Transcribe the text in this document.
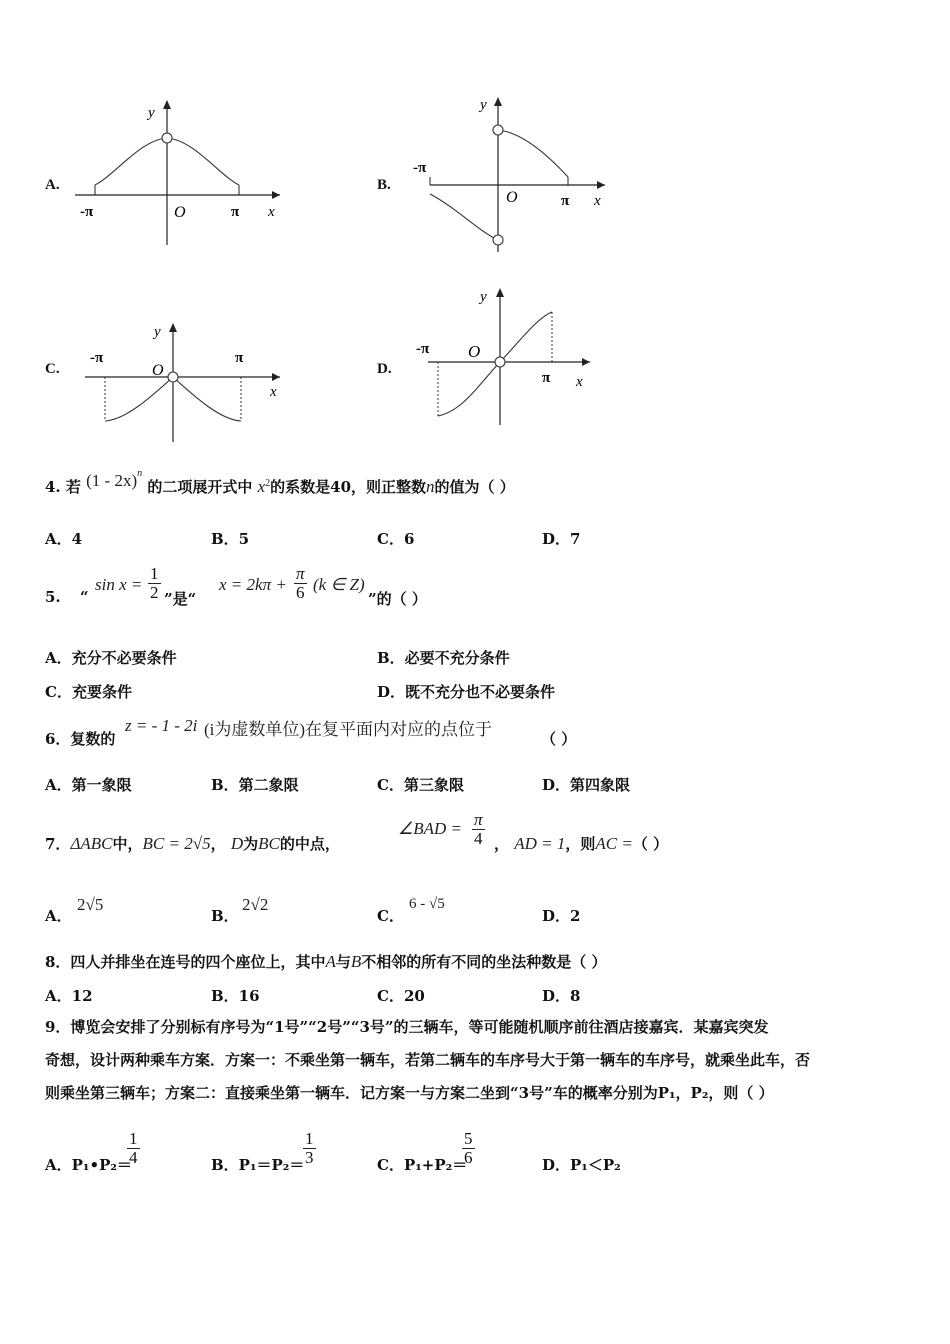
A.
-π	π
O	x
y
B.
-π
π
O	x
y
C.
-π	π
O
x
y
D.
-π
π
O
x
y
4. 若 (1 - 2x)$^n$ 的二项展开式中 $x^2$的系数是40，则正整数n的值为（ ）
A．4	B．5	C．6	D．7
5. “
$\sin x = \frac{1}{2}$ ”是“
$x = 2k\pi + \frac{\pi}{6} (k$ ∈ Z)
”的（ ）
A．充分不必要条件	B．必要不充分条件
C．充要条件	D．既不充分也不必要条件
6．复数的
z = - 1 - 2i (i为虚数单位)在复平面内对应的点位于	（ ）
A．第一象限	B．第二象限	C．第三象限	D．第四象限
7．ΔABC中，BC = 2√5， D为BC的中点，
∠BAD = $\frac{\pi}{4}$ ， AD = 1，则AC =（ ）
A．
2√5
B．
2√2
C．
6 - √5
D．2
8．四人并排坐在连号的四个座位上，其中A与B不相邻的所有不同的坐法种数是（ ）
A．12	B．16	C．20	D．8
9．博览会安排了分别标有序号为“1号”“2号”“3号”的三辆车，等可能随机顺序前往酒店接嘉宾．某嘉宾突发
奇想，设计两种乘车方案．方案一：不乘坐第一辆车，若第二辆车的车序号大于第一辆车的车序号，就乘坐此车，否
则乘坐第三辆车；方案二：直接乘坐第一辆车．记方案一与方案二坐到“3号”车的概率分别为P₁，P₂，则（ ）
A．P₁•P₂＝
$\frac{1}{4}$	B．P₁＝P₂＝
$\frac{1}{3}$	C．P₁+P₂＝
$\frac{5}{6}$	D．P₁＜P₂
